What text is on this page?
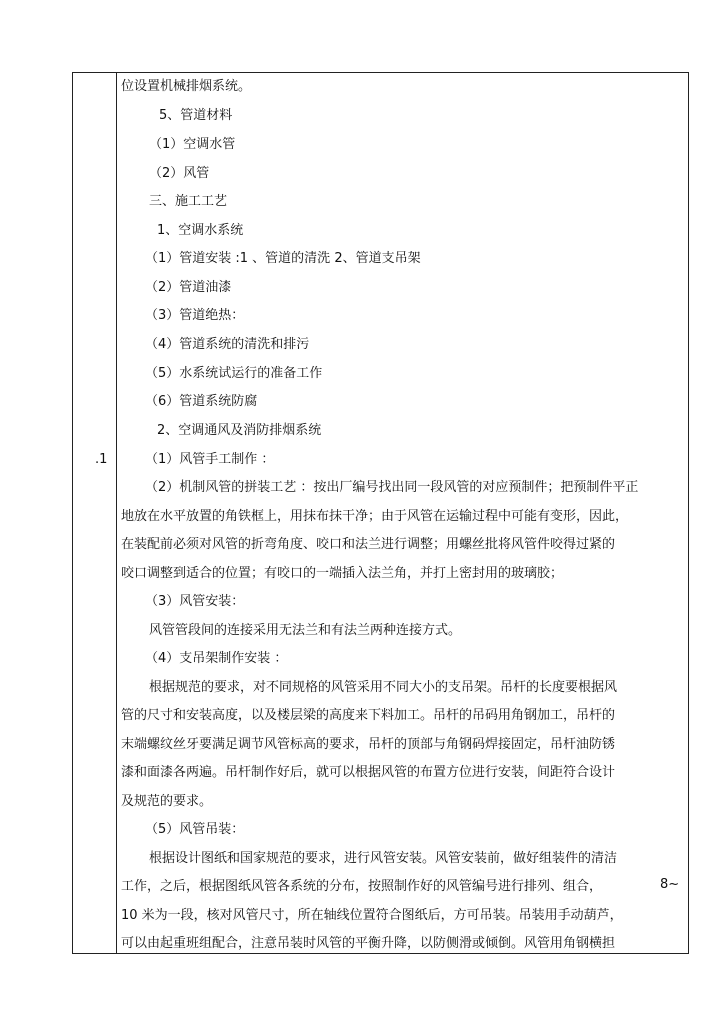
.1
位设置机械排烟系统。
5、管道材料
（1）空调水管
（2）风管
三、施工工艺
1、空调水系统
（1）管道安装 :1 、管道的清洗 2、管道支吊架
（2）管道油漆
（3）管道绝热：
（4）管道系统的清洗和排污
（5）水系统试运行的准备工作
（6）管道系统防腐
2、空调通风及消防排烟系统
（1）风管手工制作 ：
（2）机制风管的拼装工艺 ：按出厂编号找出同一段风管的对应预制件；把预制件平正
地放在水平放置的角铁框上，用抹布抹干净；由于风管在运输过程中可能有变形，因此，
在装配前必须对风管的折弯角度、咬口和法兰进行调整；用螺丝批将风管件咬得过紧的
咬口调整到适合的位置；有咬口的一端插入法兰角，并打上密封用的玻璃胶；
（3）风管安装：
风管管段间的连接采用无法兰和有法兰两种连接方式。
（4）支吊架制作安装 ：
根据规范的要求，对不同规格的风管采用不同大小的支吊架。吊杆的长度要根据风
管的尺寸和安装高度，以及楼层梁的高度来下料加工。吊杆的吊码用角钢加工，吊杆的
末端螺纹丝牙要满足调节风管标高的要求，吊杆的顶部与角钢码焊接固定，吊杆油防锈
漆和面漆各两遍。吊杆制作好后，就可以根据风管的布置方位进行安装，间距符合设计
及规范的要求。
（5）风管吊装：
根据设计图纸和国家规范的要求，进行风管安装。风管安装前，做好组装件的清洁
工作，之后，根据图纸风管各系统的分布，按照制作好的风管编号进行排列、组合，
10 米为一段，核对风管尺寸，所在轴线位置符合图纸后，方可吊装。吊装用手动葫芦，
可以由起重班组配合，注意吊装时风管的平衡升降，以防侧滑或倾倒。风管用角钢横担
8~
